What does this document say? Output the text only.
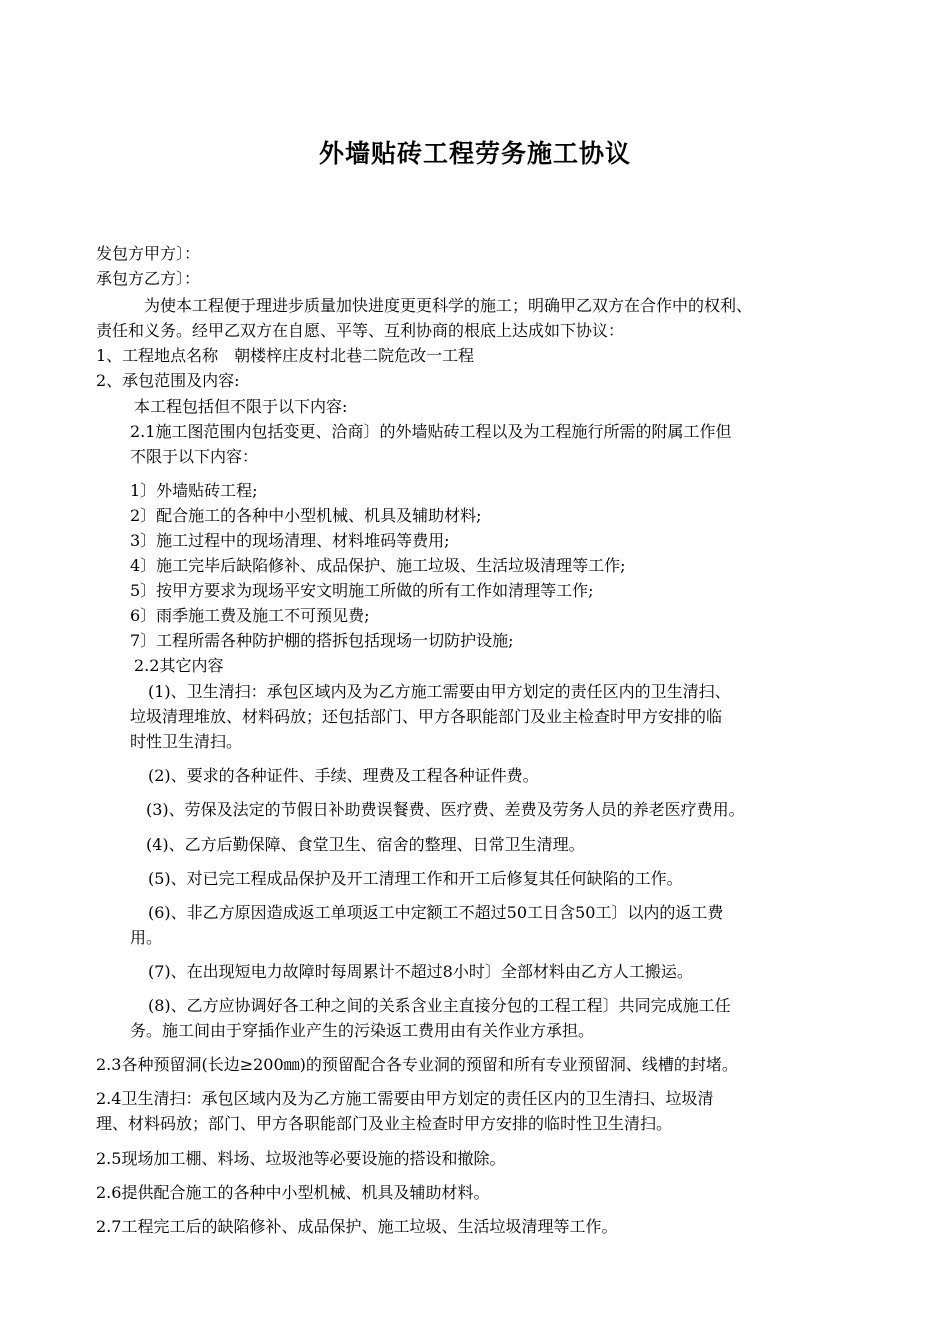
外墙贴砖工程劳务施工协议
发包方甲方〕：
承包方乙方〕：
为使本工程便于理进步质量加快进度更更科学的施工；明确甲乙双方在合作中的权利、
责任和义务。经甲乙双方在自愿、平等、互利协商的根底上达成如下协议：
1、工程地点名称　朝楼梓庄皮村北巷二院危改一工程
2、承包范围及内容:
本工程包括但不限于以下内容:
2.1施工图范围内包括变更、洽商〕的外墙贴砖工程以及为工程施行所需的附属工作但
不限于以下内容：
1〕外墙贴砖工程;
2〕配合施工的各种中小型机械、机具及辅助材料;
3〕施工过程中的现场清理、材料堆码等费用;
4〕施工完毕后缺陷修补、成品保护、施工垃圾、生活垃圾清理等工作;
5〕按甲方要求为现场平安文明施工所做的所有工作如清理等工作;
6〕雨季施工费及施工不可预见费;
7〕工程所需各种防护棚的搭拆包括现场一切防护设施;
2.2其它内容
(1)、卫生清扫：承包区域内及为乙方施工需要由甲方划定的责任区内的卫生清扫、
垃圾清理堆放、材料码放；还包括部门、甲方各职能部门及业主检查时甲方安排的临
时性卫生清扫。
(2)、要求的各种证件、手续、理费及工程各种证件费。
(3)、劳保及法定的节假日补助费误餐费、医疗费、差费及劳务人员的养老医疗费用。
(4)、乙方后勤保障、食堂卫生、宿舍的整理、日常卫生清理。
(5)、对已完工程成品保护及开工清理工作和开工后修复其任何缺陷的工作。
(6)、非乙方原因造成返工单项返工中定额工不超过50工日含50工〕以内的返工费
用。
(7)、在出现短电力故障时每周累计不超过8小时〕全部材料由乙方人工搬运。
(8)、乙方应协调好各工种之间的关系含业主直接分包的工程工程〕共同完成施工任
务。施工间由于穿插作业产生的污染返工费用由有关作业方承担。
2.3各种预留洞(长边≥200㎜)的预留配合各专业洞的预留和所有专业预留洞、线槽的封堵。
2.4卫生清扫：承包区域内及为乙方施工需要由甲方划定的责任区内的卫生清扫、垃圾清
理、材料码放；部门、甲方各职能部门及业主检查时甲方安排的临时性卫生清扫。
2.5现场加工棚、料场、垃圾池等必要设施的搭设和撤除。
2.6提供配合施工的各种中小型机械、机具及辅助材料。
2.7工程完工后的缺陷修补、成品保护、施工垃圾、生活垃圾清理等工作。
